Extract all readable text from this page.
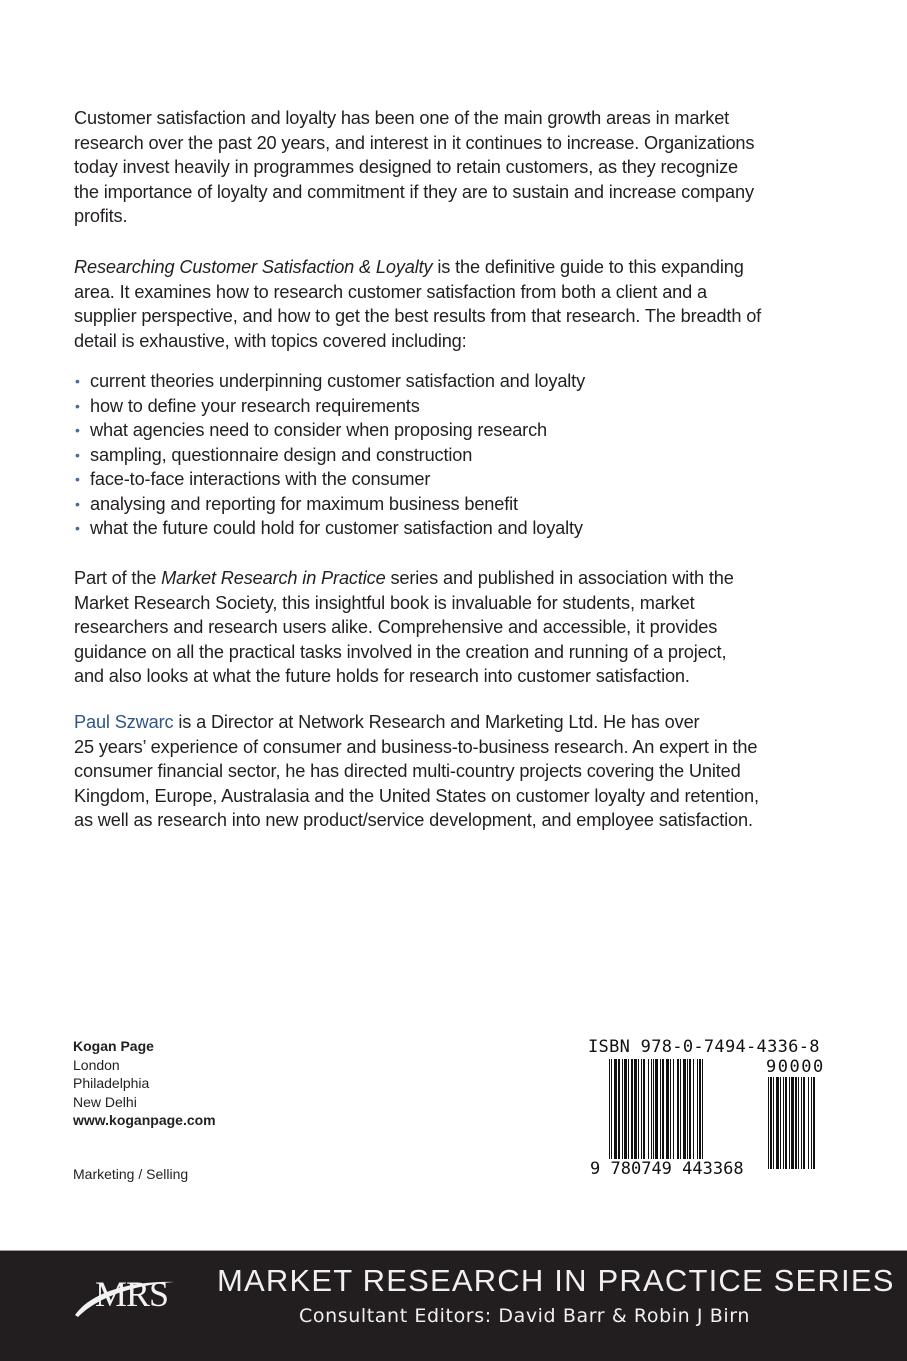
Customer satisfaction and loyalty has been one of the main growth areas in market
research over the past 20 years, and interest in it continues to increase. Organizations
today invest heavily in programmes designed to retain customers, as they recognize
the importance of loyalty and commitment if they are to sustain and increase company
profits.
Researching Customer Satisfaction & Loyalty is the definitive guide to this expanding
area. It examines how to research customer satisfaction from both a client and a
supplier perspective, and how to get the best results from that research. The breadth of
detail is exhaustive, with topics covered including:
• current theories underpinning customer satisfaction and loyalty
• how to define your research requirements
• what agencies need to consider when proposing research
• sampling, questionnaire design and construction
• face-to-face interactions with the consumer
• analysing and reporting for maximum business benefit
• what the future could hold for customer satisfaction and loyalty
Part of the Market Research in Practice series and published in association with the
Market Research Society, this insightful book is invaluable for students, market
researchers and research users alike. Comprehensive and accessible, it provides
guidance on all the practical tasks involved in the creation and running of a project,
and also looks at what the future holds for research into customer satisfaction.
Paul Szwarc is a Director at Network Research and Marketing Ltd. He has over
25 years’ experience of consumer and business-to-business research. An expert in the
consumer financial sector, he has directed multi-country projects covering the United
Kingdom, Europe, Australasia and the United States on customer loyalty and retention,
as well as research into new product/service development, and employee satisfaction.
Kogan Page
London
Philadelphia
New Delhi
www.koganpage.com
Marketing / Selling
ISBN 978-0-7494-4336-8
90000
9 780749 443368
MRS MARKET RESEARCH IN PRACTICE SERIES
Consultant Editors: David Barr & Robin J Birn
